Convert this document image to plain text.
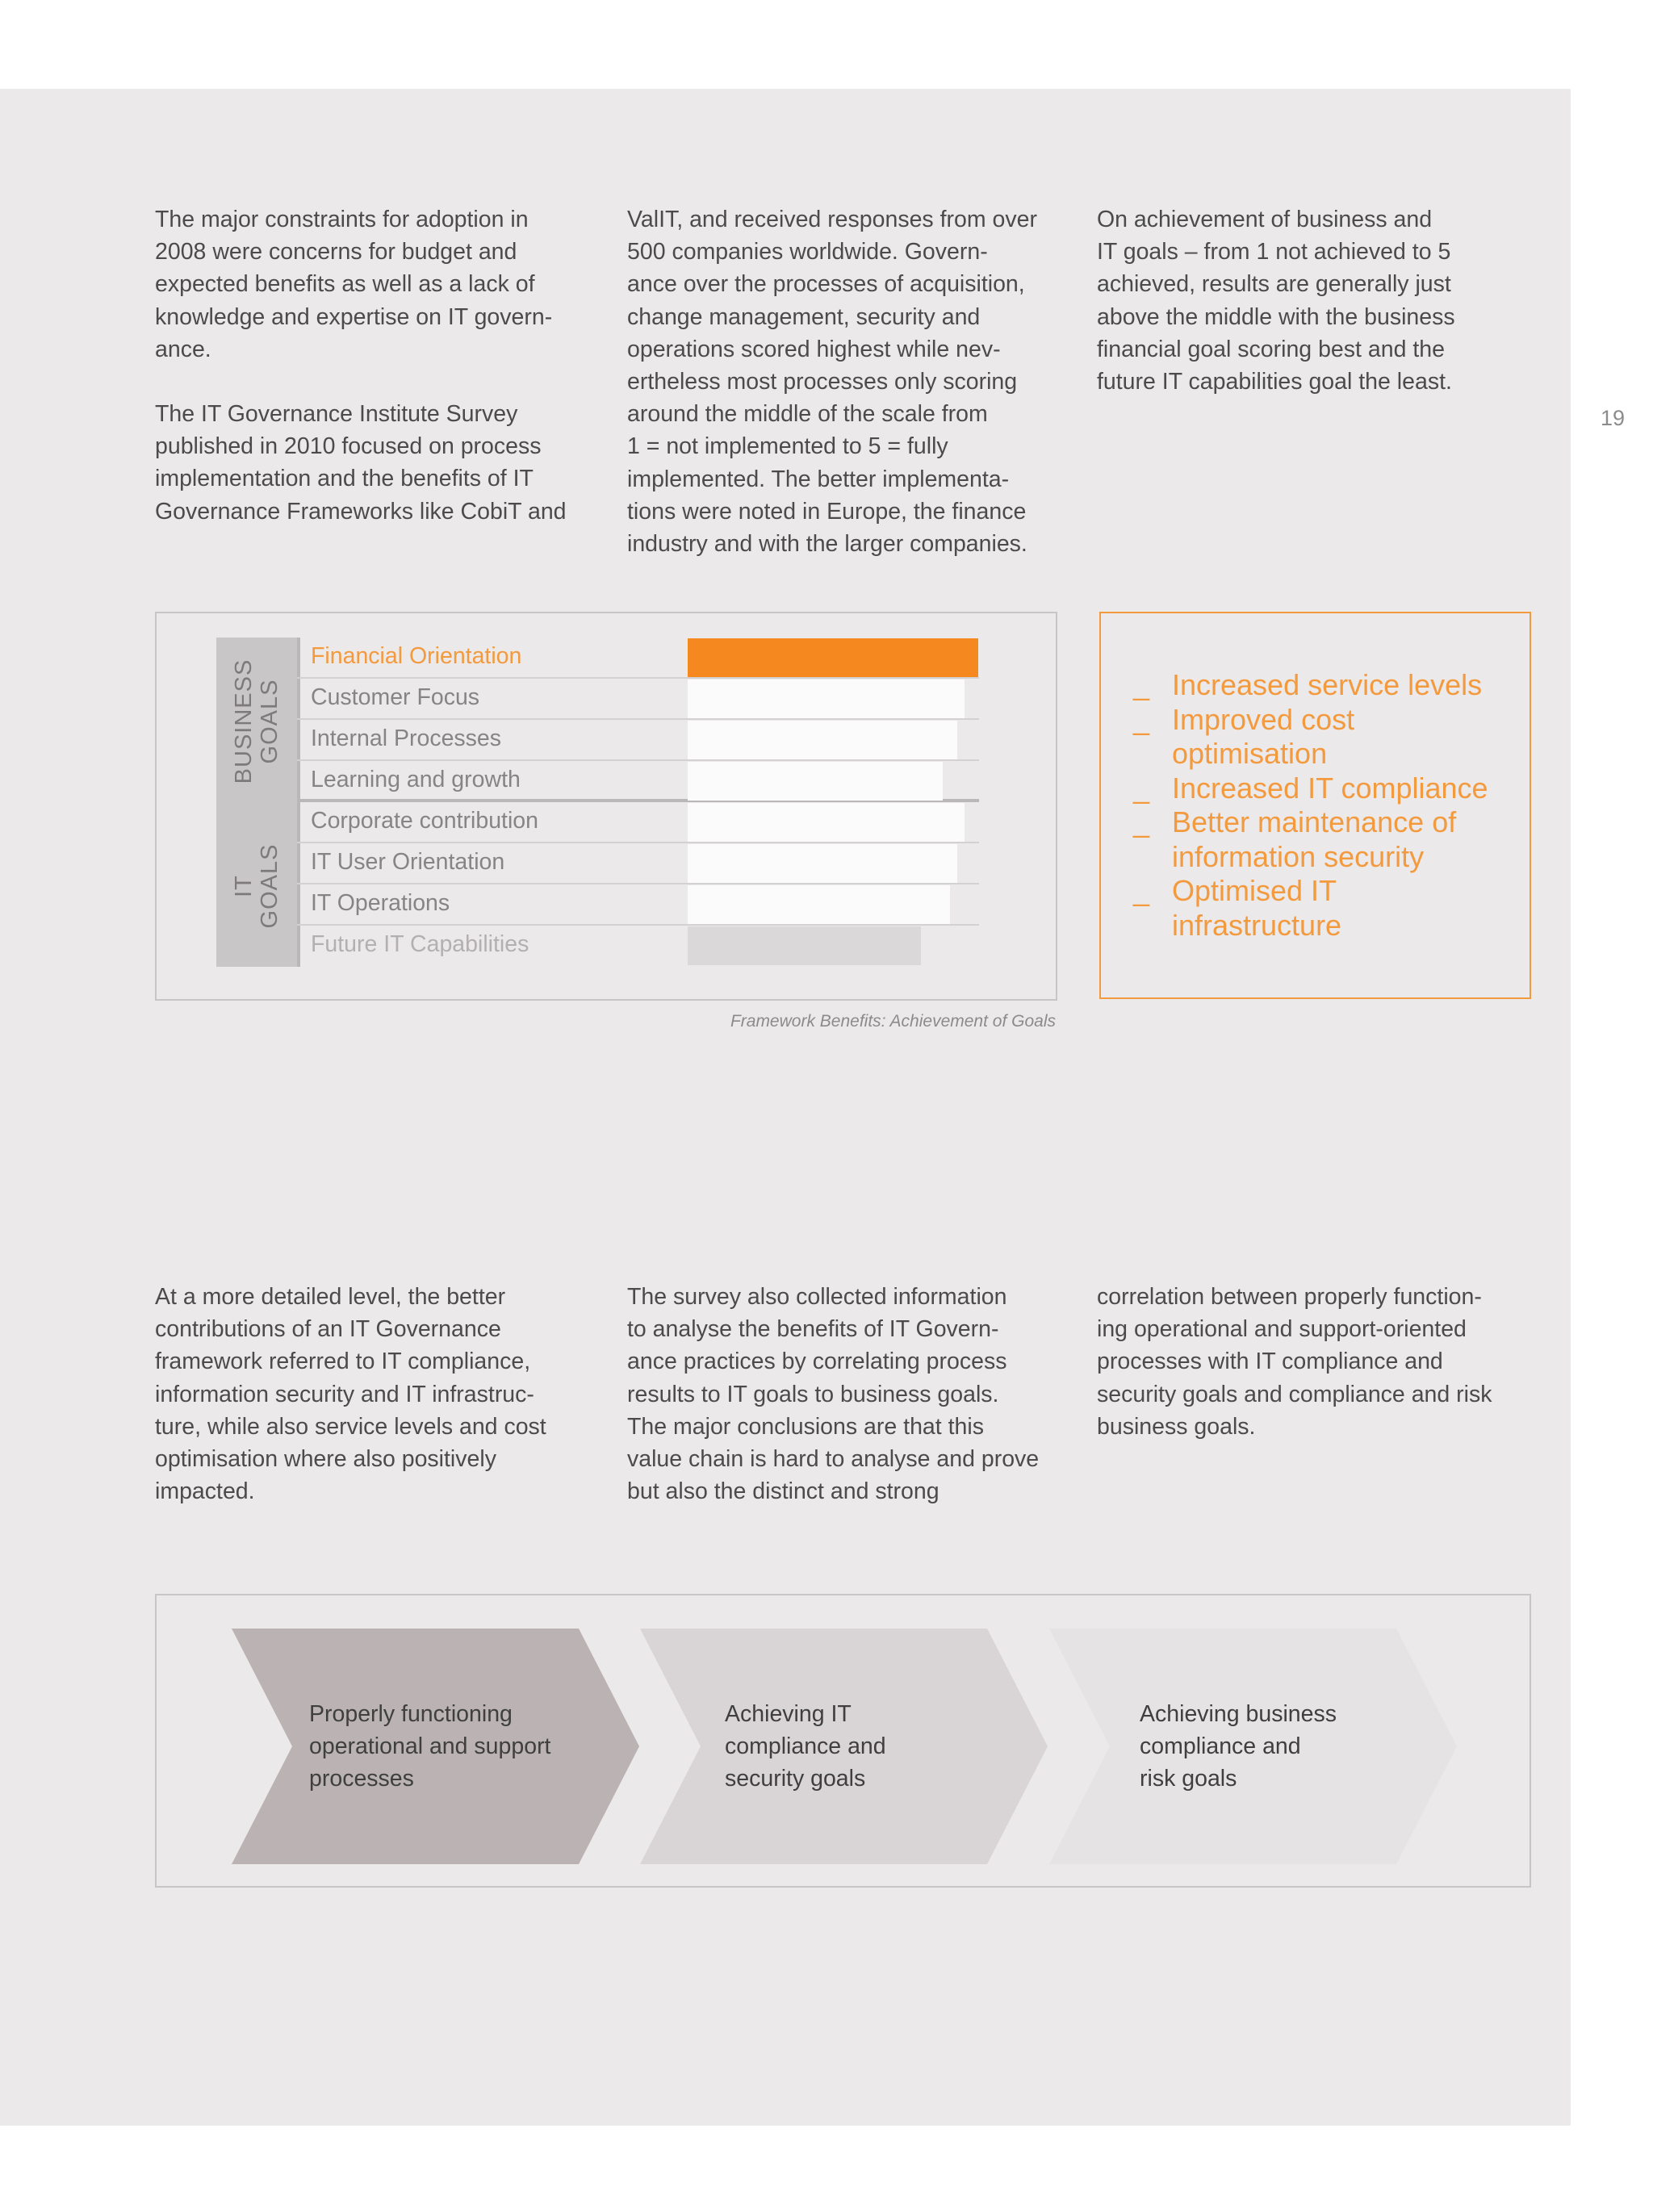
19

The major constraints for adoption in
2008 were concerns for budget and
expected benefits as well as a lack of
knowledge and expertise on IT govern-
ance.

The IT Governance Institute Survey
published in 2010 focused on process
implementation and the benefits of IT
Governance Frameworks like CobiT and

ValIT, and received responses from over
500 companies worldwide. Govern-
ance over the processes of acquisition,
change management, security and
operations scored highest while nev-
ertheless most processes only scoring
around the middle of the scale from
1 = not implemented to 5 = fully
implemented. The better implementa-
tions were noted in Europe, the finance
industry and with the larger companies.

On achievement of business and
IT goals – from 1 not achieved to 5
achieved, results are generally just
above the middle with the business
financial goal scoring best and the
future IT capabilities goal the least.

BUSINESS
GOALS
IT GOALS
Financial Orientation
Customer Focus
Internal Processes
Learning and growth
Corporate contribution
IT User Orientation
IT Operations
Future IT Capabilities
Framework Benefits: Achievement of Goals
_ Increased service levels
_ Improved cost
optimisation
_ Increased IT compliance
_ Better maintenance of
information security
_ Optimised IT
infrastructure

At a more detailed level, the better
contributions of an IT Governance
framework referred to IT compliance,
information security and IT infrastruc-
ture, while also service levels and cost
optimisation where also positively
impacted.

The survey also collected information
to analyse the benefits of IT Govern-
ance practices by correlating process
results to IT goals to business goals.
The major conclusions are that this
value chain is hard to analyse and prove
but also the distinct and strong

correlation between properly function-
ing operational and support-oriented
processes with IT compliance and
security goals and compliance and risk
business goals.

Properly functioning
operational and support
processes
Achieving IT
compliance and
security goals
Achieving business
compliance and
risk goals
